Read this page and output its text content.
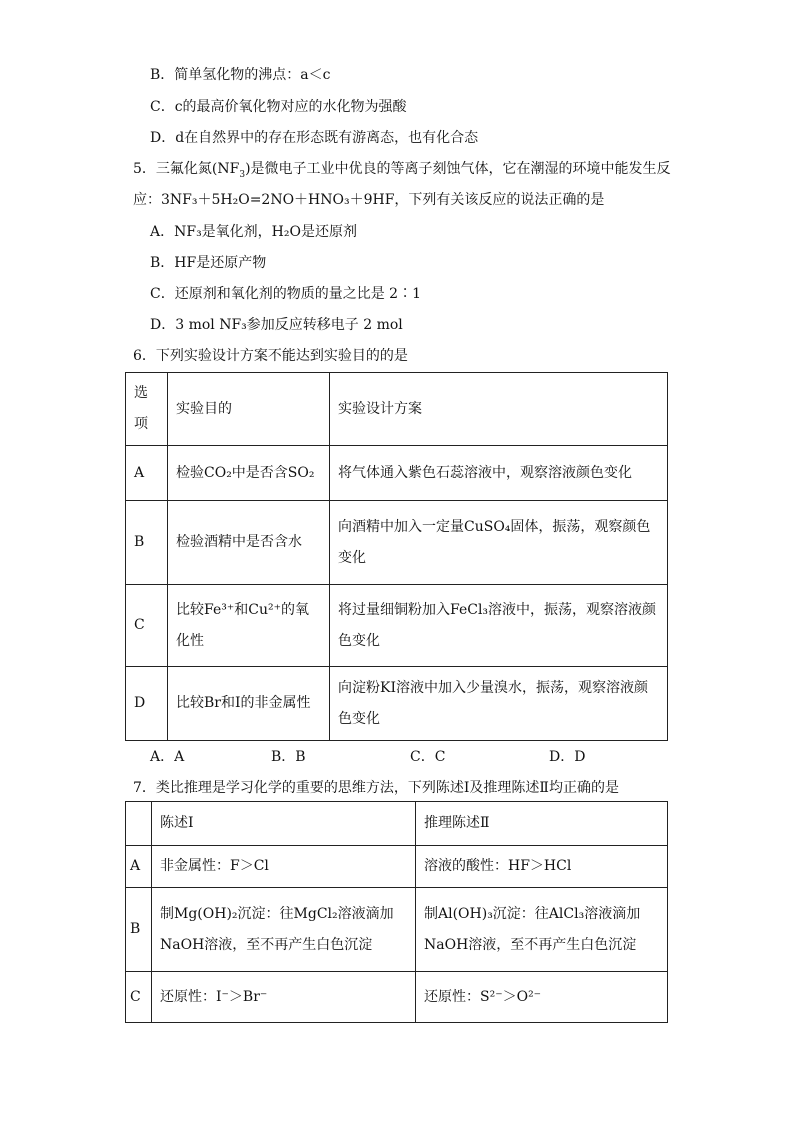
B．简单氢化物的沸点：a＜c
C．c的最高价氧化物对应的水化物为强酸
D．d在自然界中的存在形态既有游离态，也有化合态
5．三氟化氮$(NF_3)$是微电子工业中优良的等离子刻蚀气体，它在潮湿的环境中能发生反
应：3NF₃＋5H₂O=2NO＋HNO₃＋9HF，下列有关该反应的说法正确的是
A．NF₃是氧化剂，H₂O是还原剂
B．HF是还原产物
C．还原剂和氧化剂的物质的量之比是 2∶1
D．3 mol NF₃参加反应转移电子 2 mol
6．下列实验设计方案不能达到实验目的的是
选项	实验目的	实验设计方案
A	检验CO₂中是否含SO₂	将气体通入紫色石蕊溶液中，观察溶液颜色变化
B	检验酒精中是否含水	向酒精中加入一定量CuSO₄固体，振荡，观察颜色变化
C	比较Fe³⁺和Cu²⁺的氧化性	将过量细铜粉加入FeCl₃溶液中，振荡，观察溶液颜色变化
D	比较Br和I的非金属性	向淀粉KI溶液中加入少量溴水，振荡，观察溶液颜色变化
A．A	B．B	C．C	D．D
7．类比推理是学习化学的重要的思维方法，下列陈述Ⅰ及推理陈述Ⅱ均正确的是
	陈述Ⅰ	推理陈述Ⅱ
A	非金属性：F＞Cl	溶液的酸性：HF＞HCl
B	制Mg(OH)₂沉淀：往MgCl₂溶液滴加NaOH溶液，至不再产生白色沉淀	制Al(OH)₃沉淀：往AlCl₃溶液滴加NaOH溶液，至不再产生白色沉淀
C	还原性：I⁻＞Br⁻	还原性：S²⁻＞O²⁻
